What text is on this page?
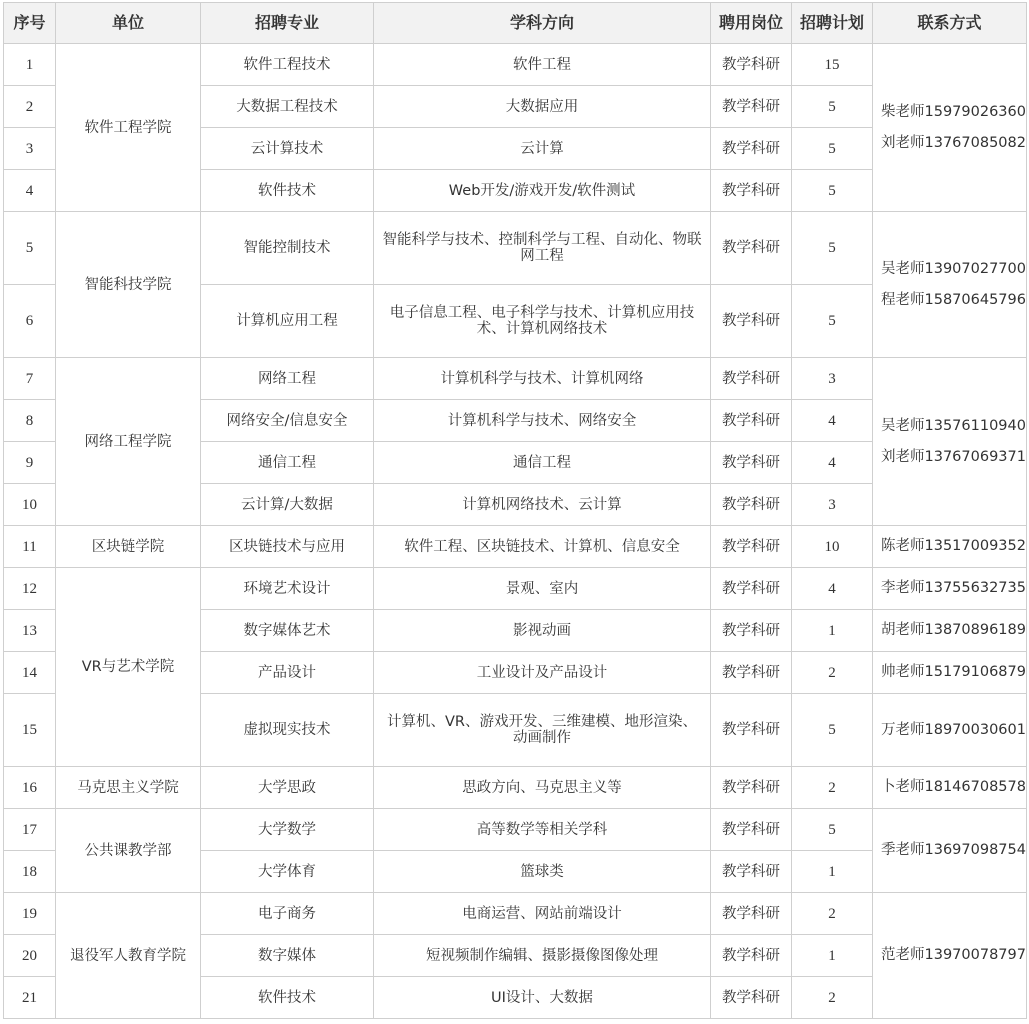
序号	单位	招聘专业	学科方向	聘用岗位	招聘计划	联系方式
1	软件工程学院	软件工程技术	软件工程	教学科研	15	柴老师15979026360
刘老师13767085082

2		大数据工程技术	大数据应用	教学科研	5	
3		云计算技术	云计算	教学科研	5	
4		软件技术	Web开发/游戏开发/软件测试	教学科研	5	
5	智能科技学院	智能控制技术	智能科学与技术、控制科学与工程、自动化、物联网工程	教学科研	5	吴老师13907027700
程老师15870645796

6		计算机应用工程	电子信息工程、电子科学与技术、计算机应用技术、计算机网络技术	教学科研	5	
7	网络工程学院	网络工程	计算机科学与技术、计算机网络	教学科研	3	吴老师13576110940
刘老师13767069371

8		网络安全/信息安全	计算机科学与技术、网络安全	教学科研	4	
9		通信工程	通信工程	教学科研	4	
10		云计算/大数据	计算机网络技术、云计算	教学科研	3	
11	区块链学院	区块链技术与应用	软件工程、区块链技术、计算机、信息安全	教学科研	10	陈老师13517009352

12	VR与艺术学院	环境艺术设计	景观、室内	教学科研	4	李老师13755632735

13		数字媒体艺术	影视动画	教学科研	1	胡老师13870896189

14		产品设计	工业设计及产品设计	教学科研	2	帅老师15179106879

15		虚拟现实技术	计算机、VR、游戏开发、三维建模、地形渲染、动画制作	教学科研	5	万老师18970030601

16	马克思主义学院	大学思政	思政方向、马克思主义等	教学科研	2	卜老师18146708578

17	公共课教学部	大学数学	高等数学等相关学科	教学科研	5	季老师13697098754

18		大学体育	篮球类	教学科研	1	
19	退役军人教育学院	电子商务	电商运营、网站前端设计	教学科研	2	范老师13970078797

20		数字媒体	短视频制作编辑、摄影摄像图像处理	教学科研	1	
21		软件技术	UI设计、大数据	教学科研	2	
